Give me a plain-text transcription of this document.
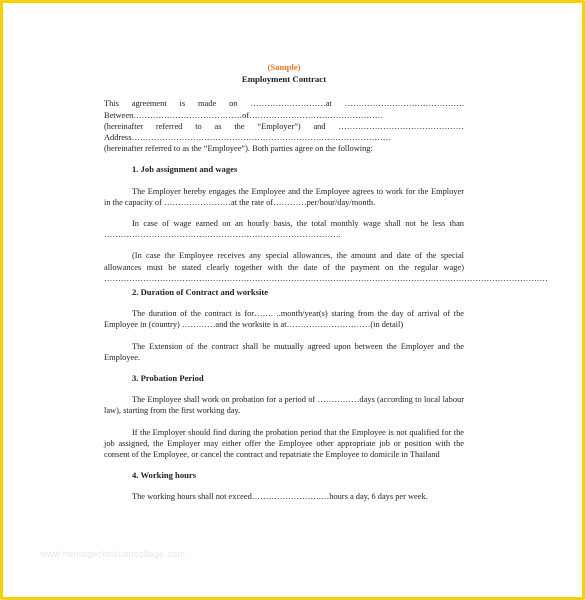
(Sample)
Employment Contract
This agreement is made on ………………………at …………………………………….
Between…………………………………of…………………………………………
(hereinafter referred to as the “Employer”) and ………………………………………
Address…………………………………………………………………………………
(hereinafter referred to as the “Employee”). Both parties agree on the following:
1. Job assignment and wages
The Employer hereby engages the Employee and the Employee agrees to work for the Employer in the capacity of ……………………at the rate of…………per/hour/day/month.
In case of wage earned on an hourly basis, the total monthly wage shall not be less than ………………………………………………………………………….
(In case the Employee receives any special allowances, the amount and date of the special allowances must be stated clearly together with the date of the payment on the regular wage) ……………………………………………………………………………………………………………………………………………
2. Duration of Contract and worksite
The duration of the contract is for……. ..month/year(s) staring from the day of arrival of the Employee in (country) …………and the worksite is at…………………………(in detail)
The Extension of the contract shall be mutually agreed upon between the Employer and the Employee.
3. Probation Period
The Employee shall work on probation for a period of ……………days (according to local labour law), starting from the first working day.
If the Employer should find during the probation period that the Employee is not qualified for the job assigned, the Employer may either offer the Employee other appropriate job or position with the consent of the Employee, or cancel the contract and repatriate the Employee to domicile in Thailand
4. Working hours
The working hours shall not exceed…………………….…hours a day, 6 days per week.
www.heritagechristiancollege.com
